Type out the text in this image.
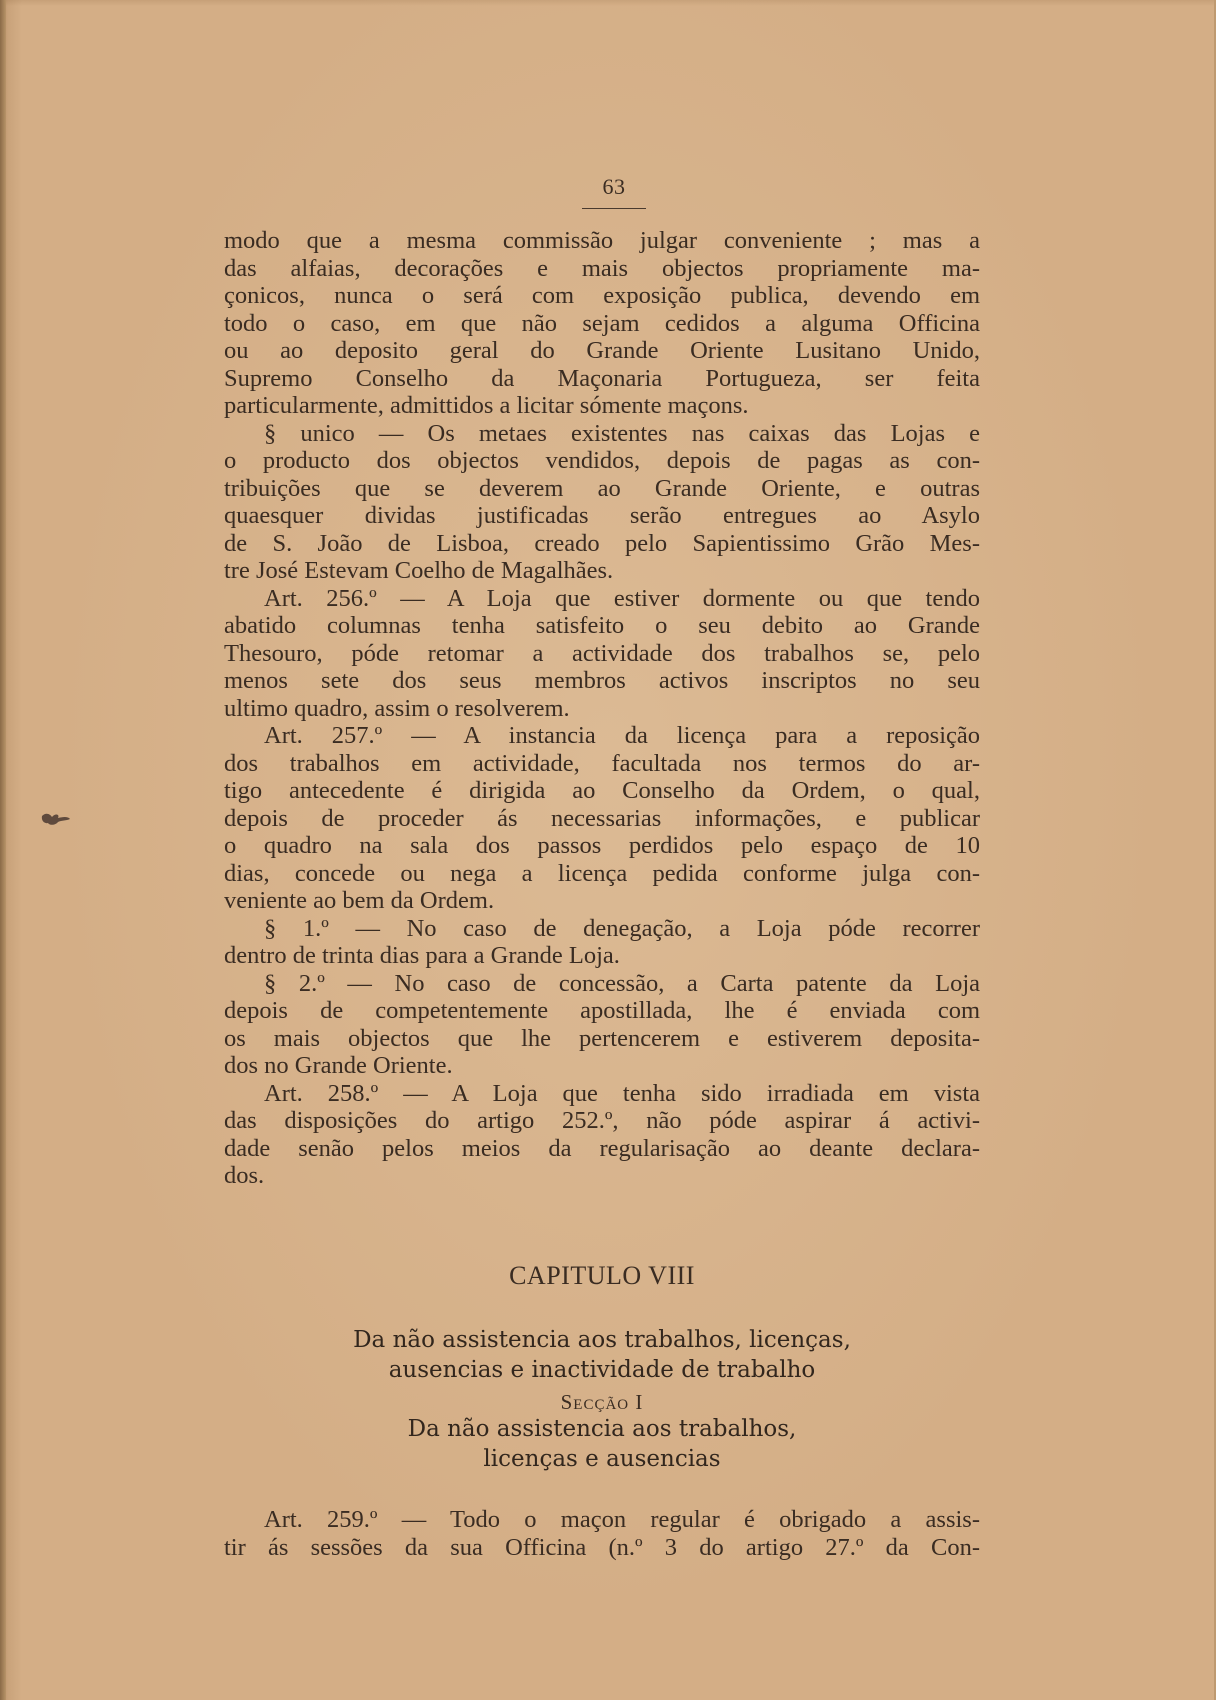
63
modo que a mesma commissão julgar conveniente ; mas a
das alfaias, decorações e mais objectos propriamente ma-
çonicos, nunca o será com exposição publica, devendo em
todo o caso, em que não sejam cedidos a alguma Officina
ou ao deposito geral do Grande Oriente Lusitano Unido,
Supremo Conselho da Maçonaria Portugueza, ser feita
particularmente, admittidos a licitar sómente maçons.
§ unico — Os metaes existentes nas caixas das Lojas e
o producto dos objectos vendidos, depois de pagas as con-
tribuições que se deverem ao Grande Oriente, e outras
quaesquer dividas justificadas serão entregues ao Asylo
de S. João de Lisboa, creado pelo Sapientissimo Grão Mes-
tre José Estevam Coelho de Magalhães.
Art. 256.º — A Loja que estiver dormente ou que tendo
abatido columnas tenha satisfeito o seu debito ao Grande
Thesouro, póde retomar a actividade dos trabalhos se, pelo
menos sete dos seus membros activos inscriptos no seu
ultimo quadro, assim o resolverem.
Art. 257.º — A instancia da licença para a reposição
dos trabalhos em actividade, facultada nos termos do ar-
tigo antecedente é dirigida ao Conselho da Ordem, o qual,
depois de proceder ás necessarias informações, e publicar
o quadro na sala dos passos perdidos pelo espaço de 10
dias, concede ou nega a licença pedida conforme julga con-
veniente ao bem da Ordem.
§ 1.º — No caso de denegação, a Loja póde recorrer
dentro de trinta dias para a Grande Loja.
§ 2.º — No caso de concessão, a Carta patente da Loja
depois de competentemente apostillada, lhe é enviada com
os mais objectos que lhe pertencerem e estiverem deposita-
dos no Grande Oriente.
Art. 258.º — A Loja que tenha sido irradiada em vista
das disposições do artigo 252.º, não póde aspirar á activi-
dade senão pelos meios da regularisação ao deante declara-
dos.
CAPITULO VIII
Da não assistencia aos trabalhos, licenças,
ausencias e inactividade de trabalho
Secção I
Da não assistencia aos trabalhos,
licenças e ausencias
Art. 259.º — Todo o maçon regular é obrigado a assis-
tir ás sessões da sua Officina (n.º 3 do artigo 27.º da Con-
